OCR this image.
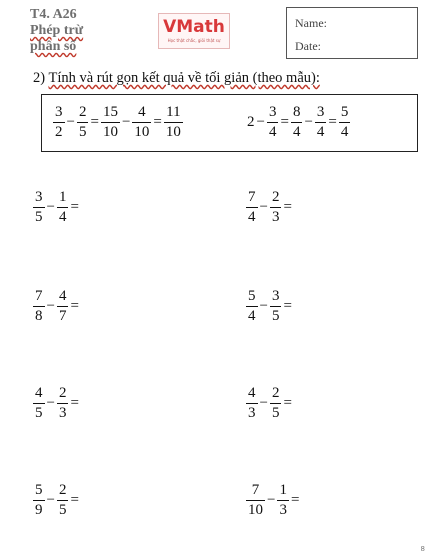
T4. A26
Phép trừ
phân số
VMath
Học thật chắc, giỏi thật sự
Name:
Date:
2) Tính và rút gọn kết quả về tối giản (theo mẫu):
$\frac{3}{2} - \frac{2}{5} = \frac{15}{10} - \frac{4}{10} = \frac{11}{10}$	$2 - \frac{3}{4} = \frac{8}{4} - \frac{3}{4} = \frac{5}{4}$
$\frac{3}{5} - \frac{1}{4}$ =	$\frac{7}{4} - \frac{2}{3}$ =
$\frac{7}{8} - \frac{4}{7}$ =	$\frac{5}{4} - \frac{3}{5}$ =
$\frac{4}{5} - \frac{2}{3}$ =	$\frac{4}{3} - \frac{2}{5}$ =
$\frac{5}{9} - \frac{2}{5}$ =	$\frac{7}{10} - \frac{1}{3}$ =
8
